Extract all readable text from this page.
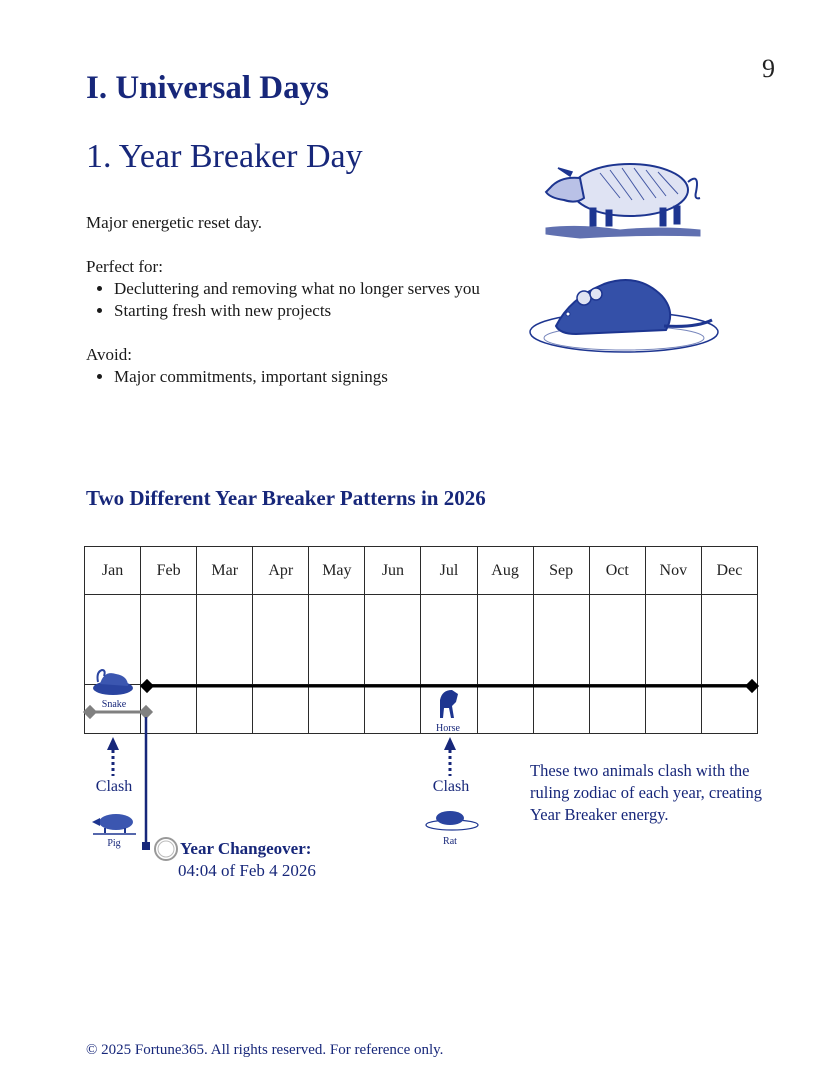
9
I. Universal Days
1. Year Breaker Day

Major energetic reset day.

Perfect for:

• Decluttering and removing what no longer serves you
• Starting fresh with new projects

Avoid:

• Major commitments, important signings
Two Different Year Breaker Patterns in 2026
Jan	Feb	Mar	Apr	May	Jun	Jul	Aug	Sep	Oct	Nov	Dec

Snake
Horse
Clash	Clash
Pig	Rat
Year Changeover:
04:04 of Feb 4 2026
These two animals clash with the ruling zodiac of each year, creating Year Breaker energy.
© 2025 Fortune365. All rights reserved. For reference only.
